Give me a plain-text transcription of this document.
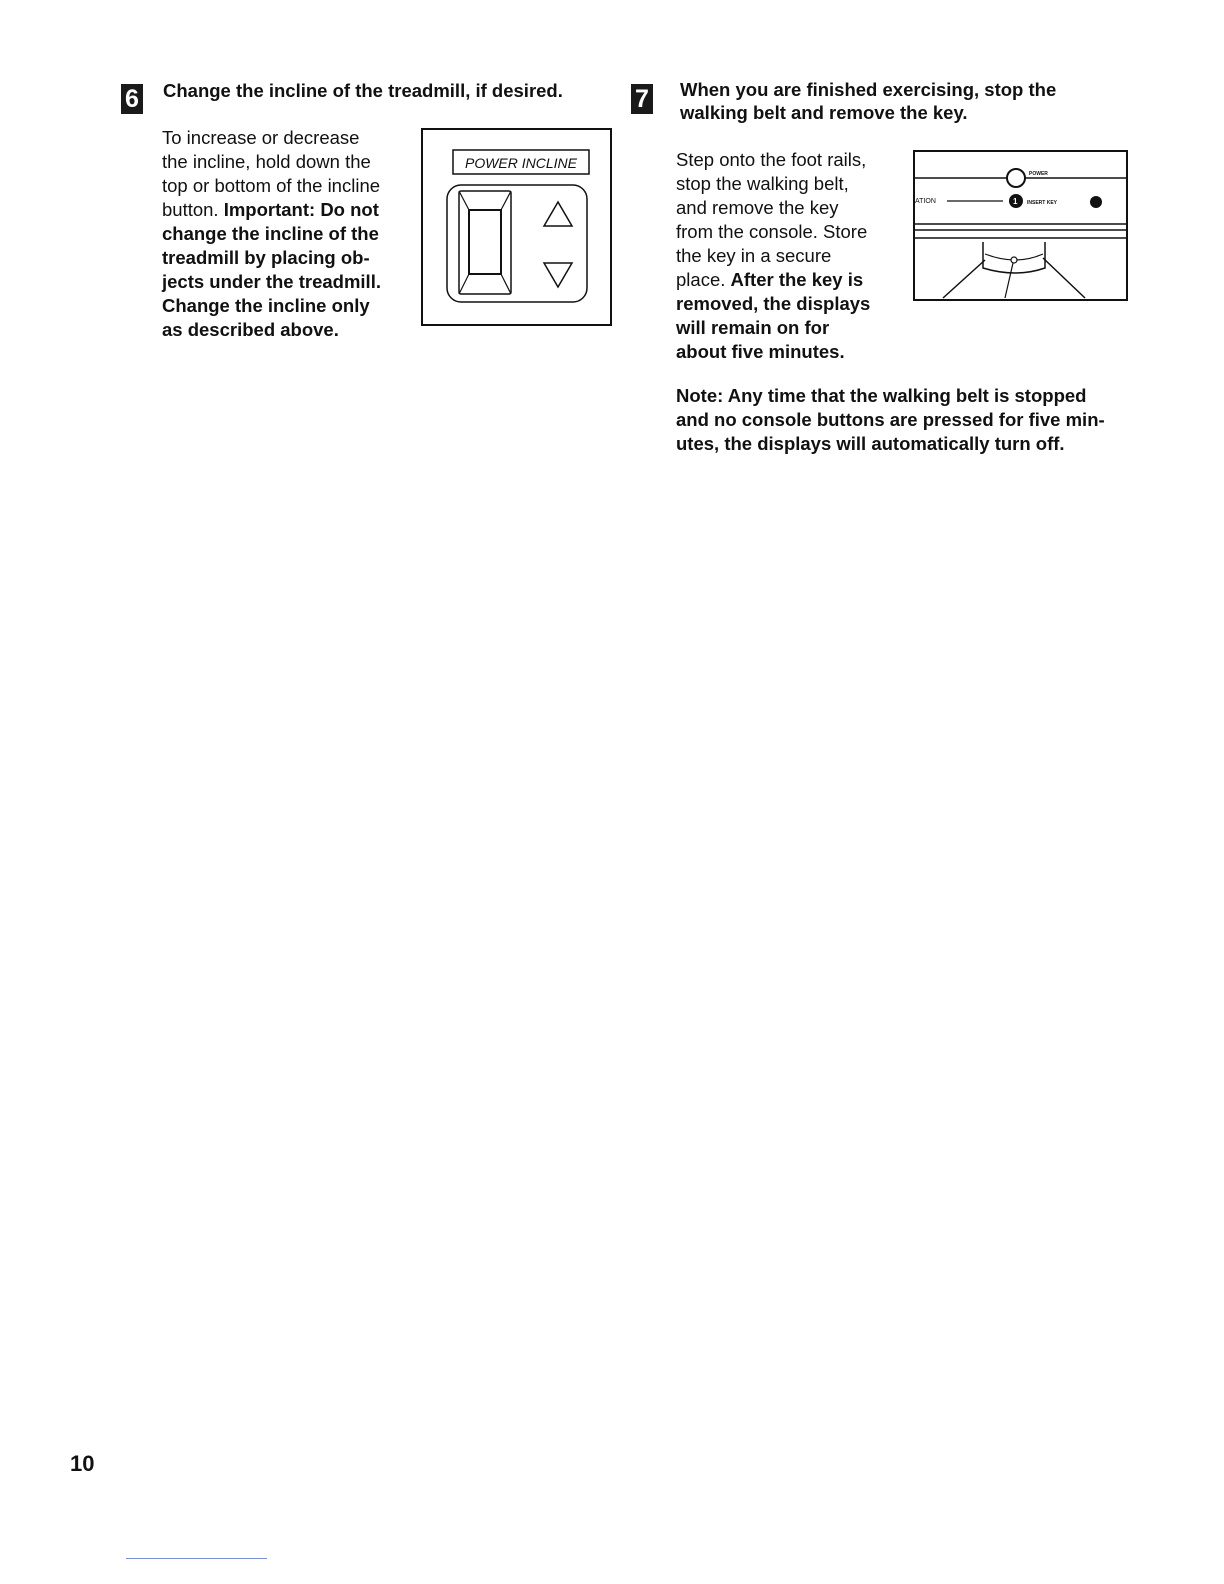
6 Change the incline of the treadmill, if desired.

To increase or decrease

the incline, hold down the

top or bottom of the incline

button. Important: Do not

change the incline of the

treadmill by placing ob-

jects under the treadmill.

Change the incline only

as described above.

POWER INCLINE
7 When you are finished exercising, stop the

walking belt and remove the key.

Step onto the foot rails,

stop the walking belt,

and remove the key

from the console. Store

the key in a secure

place. After the key is

removed, the displays

will remain on for

about five minutes.

POWER
ATION	1 INSERT KEY

Note: Any time that the walking belt is stopped

and no console buttons are pressed for five min-

utes, the displays will automatically turn off.

10
